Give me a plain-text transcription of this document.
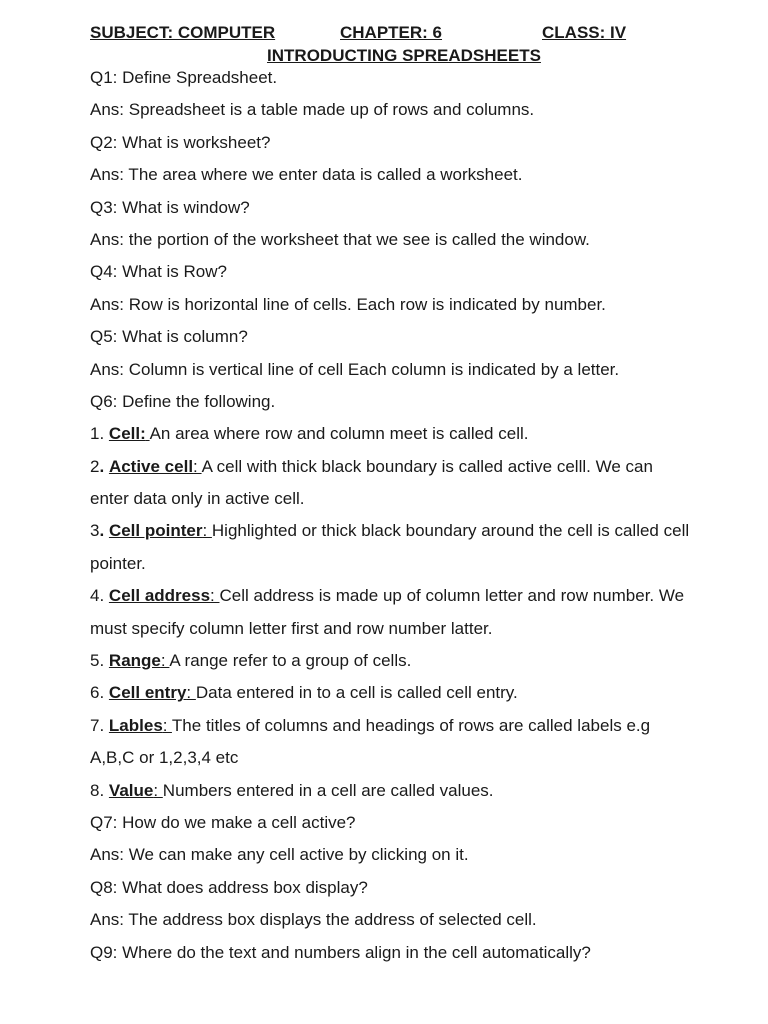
SUBJECT: COMPUTER	CHAPTER: 6	CLASS: IV
INTRODUCTING SPREADSHEETS
Q1: Define Spreadsheet.
Ans: Spreadsheet is a table made up of rows and columns.
Q2: What is worksheet?
Ans: The area where we enter data is called a worksheet.
Q3: What is window?
Ans: the portion of the worksheet that we see is called the window.
Q4: What is Row?
Ans: Row is horizontal line of cells. Each row is indicated by number.
Q5: What is column?
Ans: Column is vertical line of cell Each column is indicated by a letter.
Q6: Define the following.
1. Cell: An area where row and column meet is called cell.
2. Active cell: A cell with thick black boundary is called active celll. We can
enter data only in active cell.
3. Cell pointer: Highlighted or thick black boundary around the cell is called cell
pointer.
4. Cell address: Cell address is made up of column letter and row number. We
must specify column letter first and row number latter.
5. Range: A range refer to a group of cells.
6. Cell entry: Data entered in to a cell is called cell entry.
7. Lables: The titles of columns and headings of rows are called labels e.g
A,B,C or 1,2,3,4 etc
8. Value: Numbers entered in a cell are called values.
Q7: How do we make a cell active?
Ans: We can make any cell active by clicking on it.
Q8: What does address box display?
Ans: The address box displays the address of selected cell.
Q9: Where do the text and numbers align in the cell automatically?
